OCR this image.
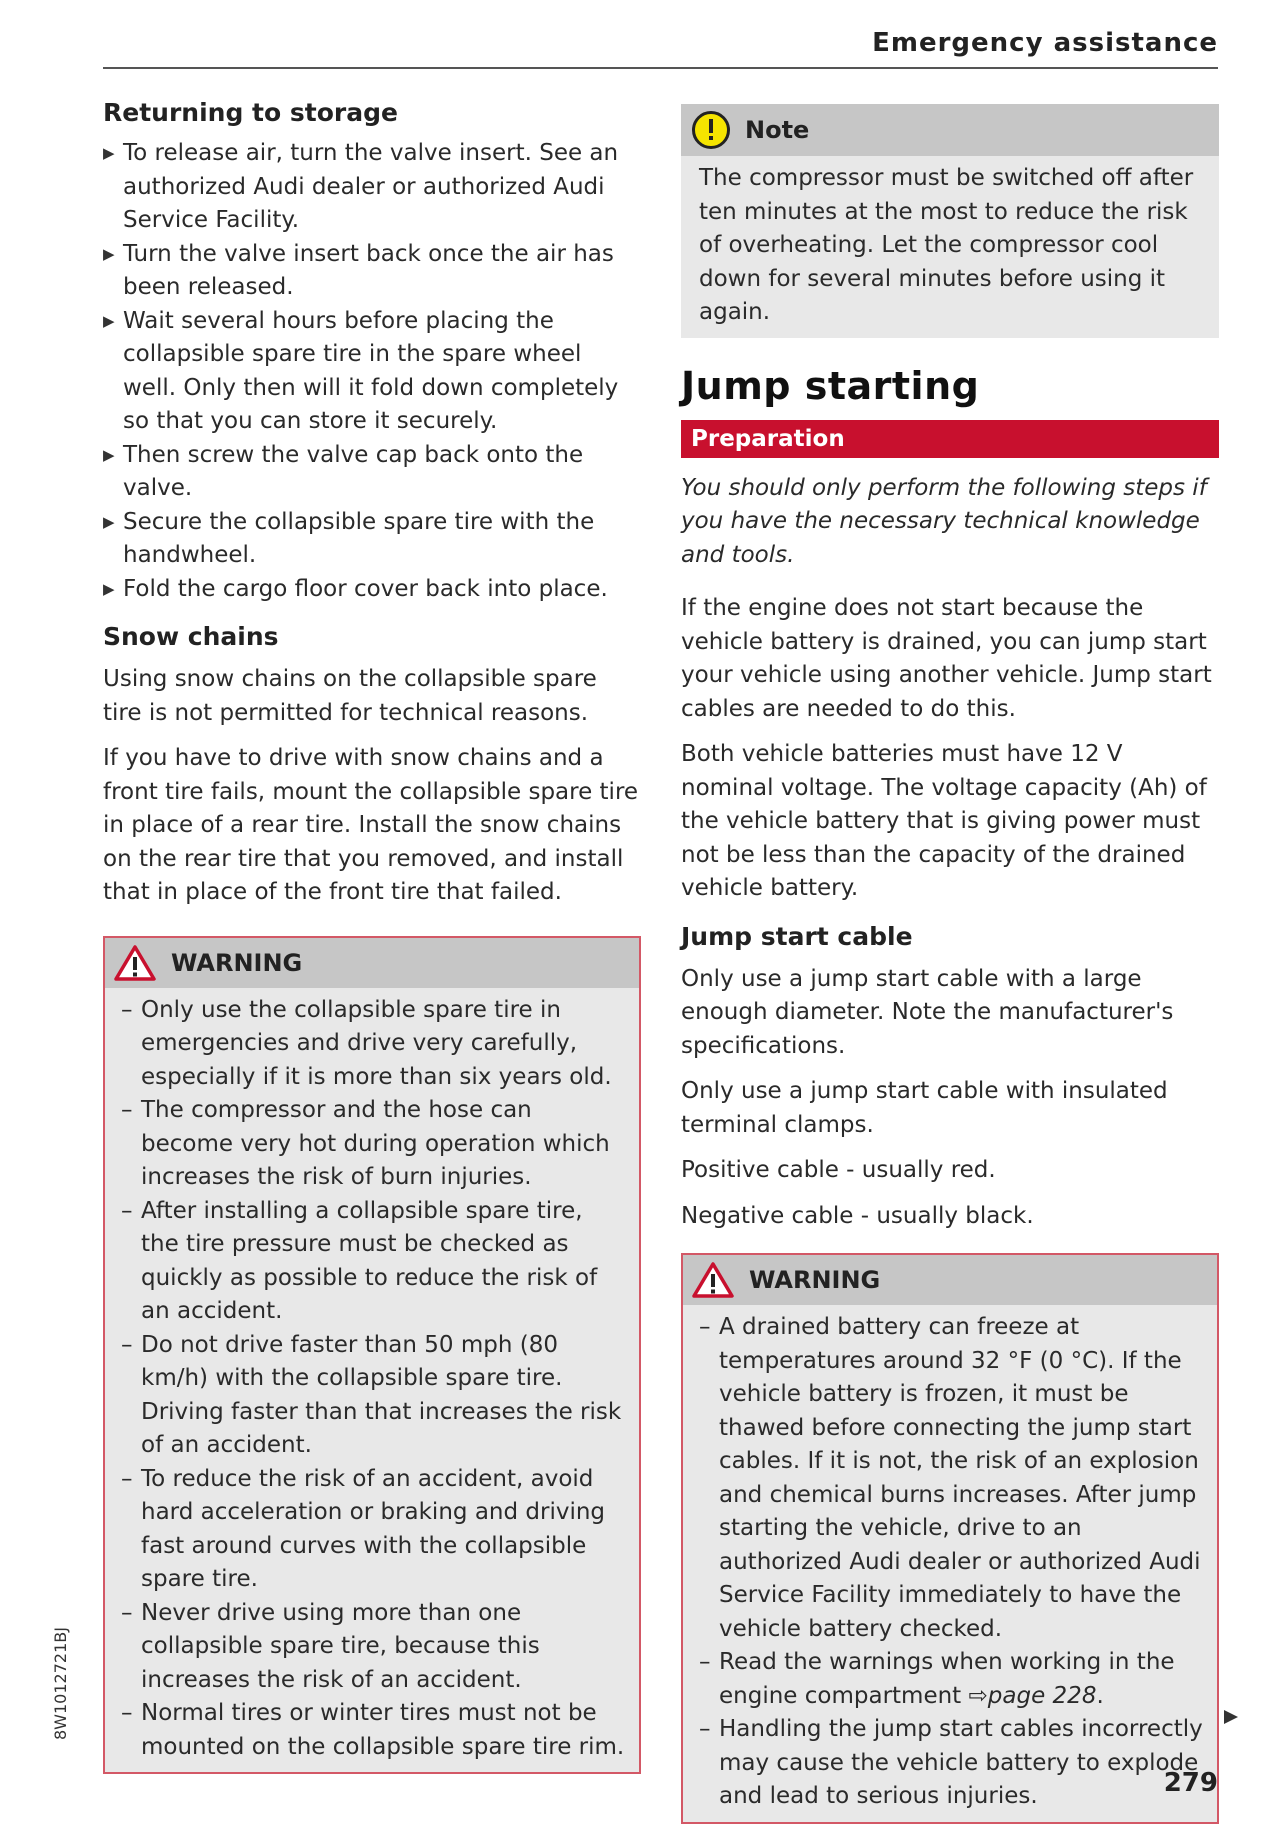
Emergency assistance
Returning to storage
▶ To release air, turn the valve insert. See an authorized Audi dealer or authorized Audi Service Facility.
▶ Turn the valve insert back once the air has been released.
▶ Wait several hours before placing the collapsible spare tire in the spare wheel well. Only then will it fold down completely so that you can store it securely.
▶ Then screw the valve cap back onto the valve.
▶ Secure the collapsible spare tire with the handwheel.
▶ Fold the cargo floor cover back into place.
Snow chains

Using snow chains on the collapsible spare tire is not permitted for technical reasons.

If you have to drive with snow chains and a front tire fails, mount the collapsible spare tire in place of a rear tire. Install the snow chains on the rear tire that you removed, and install that in place of the front tire that failed.

WARNING
– Only use the collapsible spare tire in emergencies and drive very carefully, especially if it is more than six years old.
– The compressor and the hose can become very hot during operation which increases the risk of burn injuries.
– After installing a collapsible spare tire, the tire pressure must be checked as quickly as possible to reduce the risk of an accident.
– Do not drive faster than 50 mph (80 km/h) with the collapsible spare tire. Driving faster than that increases the risk of an accident.
– To reduce the risk of an accident, avoid hard acceleration or braking and driving fast around curves with the collapsible spare tire.
– Never drive using more than one collapsible spare tire, because this increases the risk of an accident.
– Normal tires or winter tires must not be mounted on the collapsible spare tire rim.
Note
The compressor must be switched off after ten minutes at the most to reduce the risk of overheating. Let the compressor cool down for several minutes before using it again.
Jump starting
Preparation

You should only perform the following steps if you have the necessary technical knowledge and tools.

If the engine does not start because the vehicle battery is drained, you can jump start your vehicle using another vehicle. Jump start cables are needed to do this.

Both vehicle batteries must have 12 V nominal voltage. The voltage capacity (Ah) of the vehicle battery that is giving power must not be less than the capacity of the drained vehicle battery.

Jump start cable

Only use a jump start cable with a large enough diameter. Note the manufacturer's specifications.

Only use a jump start cable with insulated terminal clamps.

Positive cable - usually red.

Negative cable - usually black.

WARNING
– A drained battery can freeze at temperatures around 32 °F (0 °C). If the vehicle battery is frozen, it must be thawed before connecting the jump start cables. If it is not, the risk of an explosion and chemical burns increases. After jump starting the vehicle, drive to an authorized Audi dealer or authorized Audi Service Facility immediately to have the vehicle battery checked.
– Read the warnings when working in the engine compartment ⇨page 228.
– Handling the jump start cables incorrectly may cause the vehicle battery to explode and lead to serious injuries.
8W1012721BJ
279
